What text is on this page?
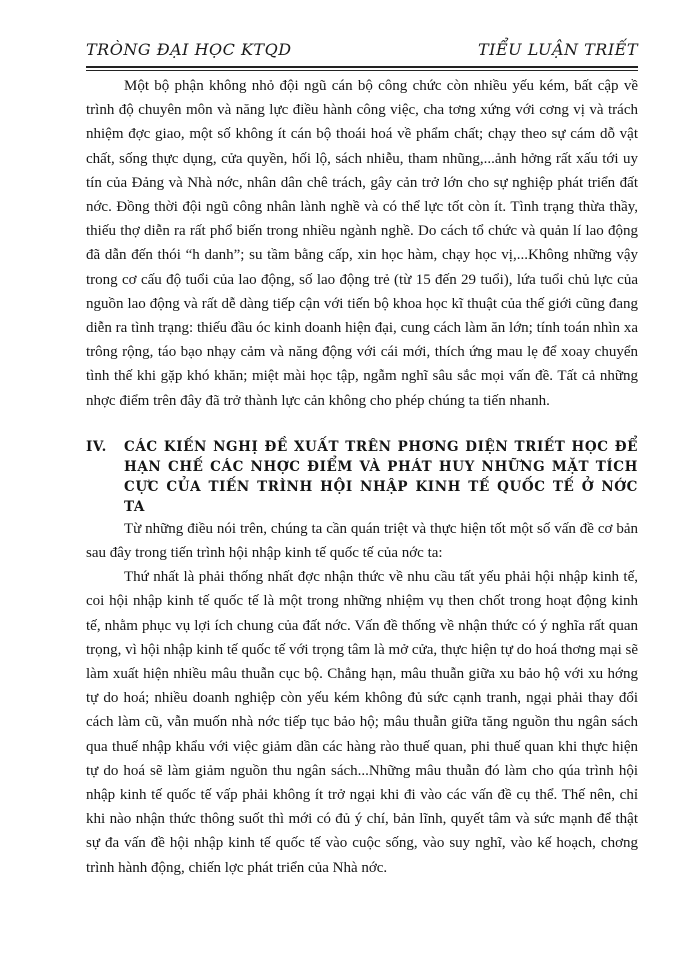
TRÒNG ĐẠI HỌC KTQD	TIỂU LUẬN TRIẾT

Một bộ phận không nhỏ đội ngũ cán bộ công chức còn nhiều yếu kém, bất cập về trình độ chuyên môn và năng lực điều hành công việc, cha tơng xứng với cơng vị và trách nhiệm đợc giao, một số không ít cán bộ thoái hoá về phẩm chất; chạy theo sự cám dỗ vật chất, sống thực dụng, cửa quyền, hối lộ, sách nhiễu, tham nhũng,...ảnh hởng rất xấu tới uy tín của Đảng và Nhà nớc, nhân dân chê trách, gây cản trở lớn cho sự nghiệp phát triển đất nớc. Đồng thời đội ngũ công nhân lành nghề và có thể lực tốt còn ít. Tình trạng thừa thầy, thiếu thợ diễn ra rất phổ biến trong nhiều ngành nghề. Do cách tổ chức và quản lí lao động đã dẫn đến thói “h danh”; su tầm bằng cấp, xin học hàm, chạy học vị,...Không những vậy trong cơ cấu độ tuổi của lao động, số lao động trẻ (từ 15 đến 29 tuổi), lứa tuổi chủ lực của nguồn lao động và rất dễ dàng tiếp cận với tiến bộ khoa học kĩ thuật của thế giới cũng đang diễn ra tình trạng: thiếu đầu óc kinh doanh hiện đại, cung cách làm ăn lớn; tính toán nhìn xa trông rộng, táo bạo nhạy cảm và năng động với cái mới, thích ứng mau lẹ để xoay chuyển tình thế khi gặp khó khăn; miệt mài học tập, ngẫm nghĩ sâu sắc mọi vấn đề. Tất cả những nhợc điểm trên đây đã trở thành lực cản không cho phép chúng ta tiến nhanh.

IV.	CÁC KIẾN NGHỊ ĐỀ XUẤT TRÊN PHƠNG DIỆN TRIẾT HỌC ĐỂ HẠN CHẾ CÁC NHỢC ĐIỂM VÀ PHÁT HUY NHỮNG MẶT TÍCH CỰC CỦA TIẾN TRÌNH HỘI NHẬP KINH TẾ QUỐC TẾ Ở NỚC TA

Từ những điều nói trên, chúng ta cần quán triệt và thực hiện tốt một số vấn đề cơ bản sau đây trong tiến trình hội nhập kinh tế quốc tế của nớc ta:

Thứ nhất là phải thống nhất đợc nhận thức về nhu cầu tất yếu phải hội nhập kinh tế, coi hội nhập kinh tế quốc tế là một trong những nhiệm vụ then chốt trong hoạt động kinh tế, nhằm phục vụ lợi ích chung của đất nớc. Vấn đề thống về nhận thức có ý nghĩa rất quan trọng, vì hội nhập kinh tế quốc tế với trọng tâm là mở cửa, thực hiện tự do hoá thơng mại sẽ làm xuất hiện nhiều mâu thuẫn cục bộ. Chẳng hạn, mâu thuẫn giữa xu bảo hộ với xu hớng tự do hoá; nhiều doanh nghiệp còn yếu kém không đủ sức cạnh tranh, ngại phải thay đổi cách làm cũ, vẫn muốn nhà nớc tiếp tục bảo hộ; mâu thuẫn giữa tăng nguồn thu ngân sách qua thuế nhập khẩu với việc giảm dần các hàng rào thuế quan, phi thuế quan khi thực hiện tự do hoá sẽ làm giảm nguồn thu ngân sách...Những mâu thuẫn đó làm cho qúa trình hội nhập kinh tế quốc tế vấp phải không ít trở ngại khi đi vào các vấn đề cụ thể. Thế nên, chỉ khi nào nhận thức thông suốt thì mới có đủ ý chí, bản lĩnh, quyết tâm và sức mạnh để thật sự đa vấn đề hội nhập kinh tế quốc tế vào cuộc sống, vào suy nghĩ, vào kế hoạch, chơng trình hành động, chiến lợc phát triển của Nhà nớc.
